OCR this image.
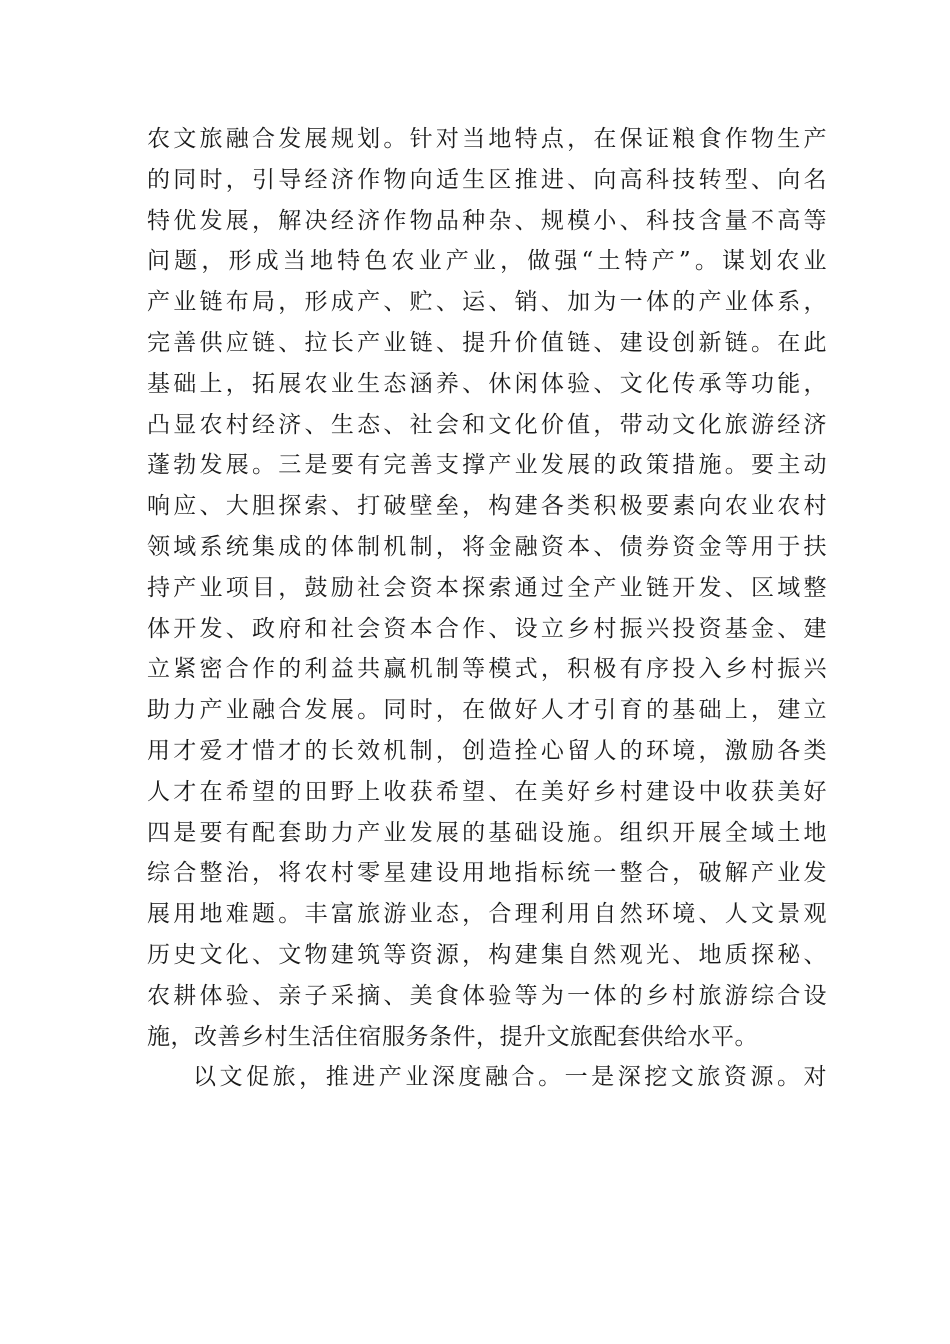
农文旅融合发展规划。针对当地特点，在保证粮食作物生产
的同时，引导经济作物向适生区推进、向高科技转型、向名
特优发展，解决经济作物品种杂、规模小、科技含量不高等
问题，形成当地特色农业产业，做强“土特产”。谋划农业
产业链布局，形成产、贮、运、销、加为一体的产业体系，
完善供应链、拉长产业链、提升价值链、建设创新链。在此
基础上，拓展农业生态涵养、休闲体验、文化传承等功能，
凸显农村经济、生态、社会和文化价值，带动文化旅游经济
蓬勃发展。三是要有完善支撑产业发展的政策措施。要主动
响应、大胆探索、打破壁垒，构建各类积极要素向农业农村
领域系统集成的体制机制，将金融资本、债券资金等用于扶
持产业项目，鼓励社会资本探索通过全产业链开发、区域整
体开发、政府和社会资本合作、设立乡村振兴投资基金、建
立紧密合作的利益共赢机制等模式，积极有序投入乡村振兴
助力产业融合发展。同时，在做好人才引育的基础上，建立
用才爱才惜才的长效机制，创造拴心留人的环境，激励各类
人才在希望的田野上收获希望、在美好乡村建设中收获美好
四是要有配套助力产业发展的基础设施。组织开展全域土地
综合整治，将农村零星建设用地指标统一整合，破解产业发
展用地难题。丰富旅游业态，合理利用自然环境、人文景观
历史文化、文物建筑等资源，构建集自然观光、地质探秘、
农耕体验、亲子采摘、美食体验等为一体的乡村旅游综合设
施，改善乡村生活住宿服务条件，提升文旅配套供给水平。
以文促旅，推进产业深度融合。一是深挖文旅资源。对
